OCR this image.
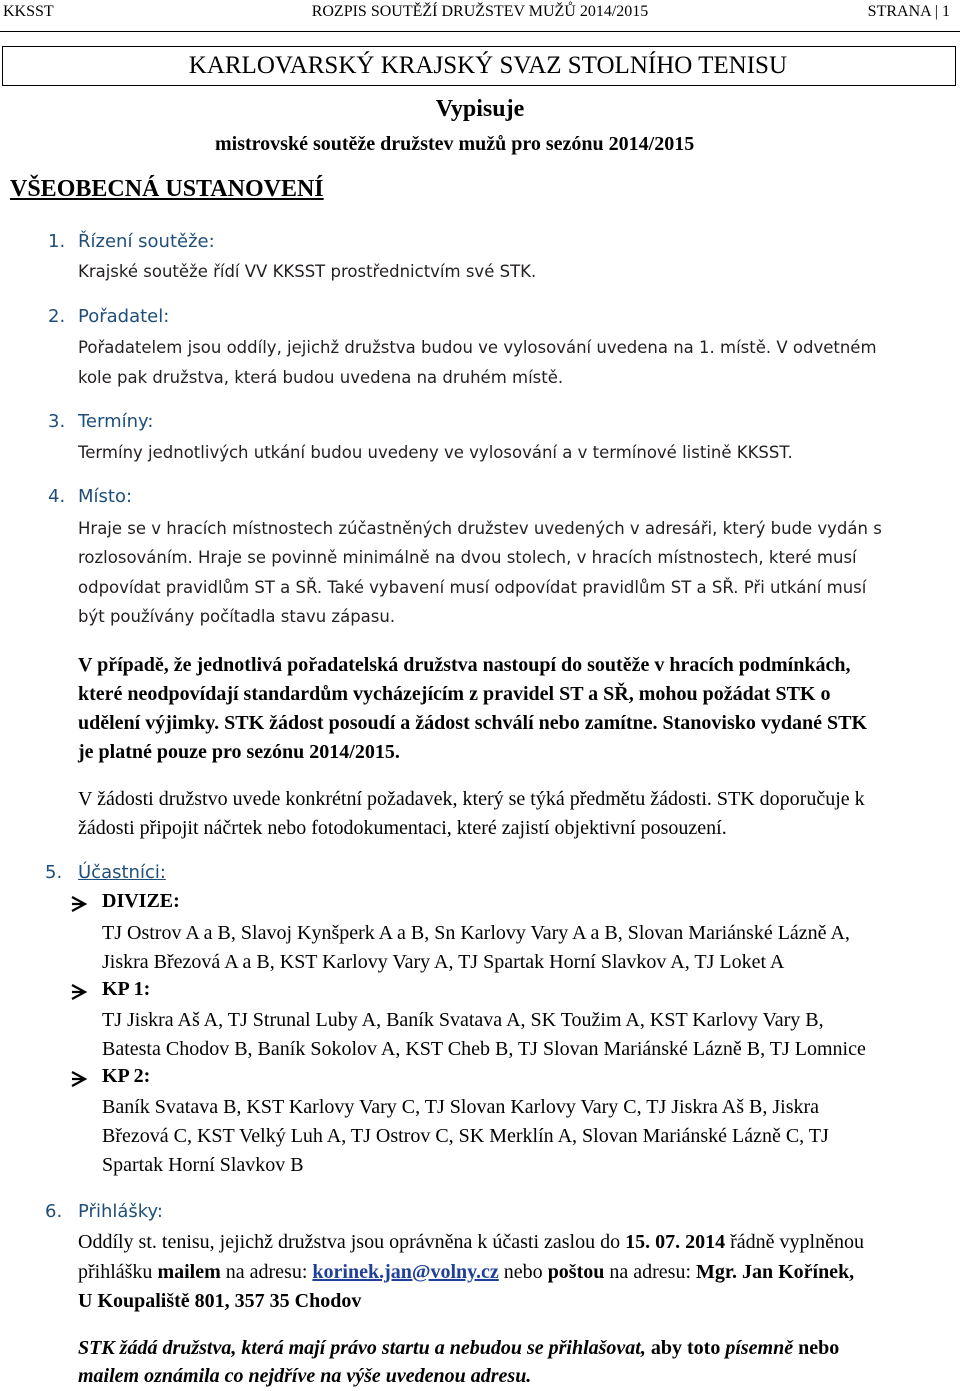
KKSST	ROZPIS SOUTĚŽÍ DRUŽSTEV MUŽŮ 2014/2015	STRANA | 1
KARLOVARSKÝ KRAJSKÝ SVAZ STOLNÍHO TENISU
Vypisuje
mistrovské soutěže družstev mužů pro sezónu 2014/2015
VŠEOBECNÁ USTANOVENÍ
1. Řízení soutěže:
Krajské soutěže řídí VV KKSST prostřednictvím své STK.
2. Pořadatel:
Pořadatelem jsou oddíly, jejichž družstva budou ve vylosování uvedena na 1. místě. V odvetném
kole pak družstva, která budou uvedena na druhém místě.
3. Termíny:
Termíny jednotlivých utkání budou uvedeny ve vylosování a v termínové listině KKSST.
4. Místo:
Hraje se v hracích místnostech zúčastněných družstev uvedených v adresáři, který bude vydán s
rozlosováním. Hraje se povinně minimálně na dvou stolech, v hracích místnostech, které musí
odpovídat pravidlům ST a SŘ. Také vybavení musí odpovídat pravidlům ST a SŘ. Při utkání musí
být používány počítadla stavu zápasu.
V případě, že jednotlivá pořadatelská družstva nastoupí do soutěže v hracích podmínkách,
které neodpovídají standardům vycházejícím z pravidel ST a SŘ, mohou požádat STK o
udělení výjimky. STK žádost posoudí a žádost schválí nebo zamítne. Stanovisko vydané STK
je platné pouze pro sezónu 2014/2015.
V žádosti družstvo uvede konkrétní požadavek, který se týká předmětu žádosti. STK doporučuje k
žádosti připojit náčrtek nebo fotodokumentaci, které zajistí objektivní posouzení.
5. Účastníci:
DIVIZE:
TJ Ostrov A a B, Slavoj Kynšperk A a B, Sn Karlovy Vary A a B, Slovan Mariánské Lázně A,
Jiskra Březová A a B, KST Karlovy Vary A, TJ Spartak Horní Slavkov A, TJ Loket A
KP 1:
TJ Jiskra Aš A, TJ Strunal Luby A, Baník Svatava A, SK Toužim A, KST Karlovy Vary B,
Batesta Chodov B, Baník Sokolov A, KST Cheb B, TJ Slovan Mariánské Lázně B, TJ Lomnice
KP 2:
Baník Svatava B, KST Karlovy Vary C, TJ Slovan Karlovy Vary C, TJ Jiskra Aš B, Jiskra
Březová C, KST Velký Luh A, TJ Ostrov C, SK Merklín A, Slovan Mariánské Lázně C, TJ
Spartak Horní Slavkov B
6. Přihlášky:
Oddíly st. tenisu, jejichž družstva jsou oprávněna k účasti zaslou do 15. 07. 2014 řádně vyplněnou
přihlášku mailem na adresu: korinek.jan@volny.cz nebo poštou na adresu: Mgr. Jan Kořínek,
U Koupaliště 801, 357 35 Chodov
STK žádá družstva, která mají právo startu a nebudou se přihlašovat, aby toto písemně nebo
mailem oznámila co nejdříve na výše uvedenou adresu.
